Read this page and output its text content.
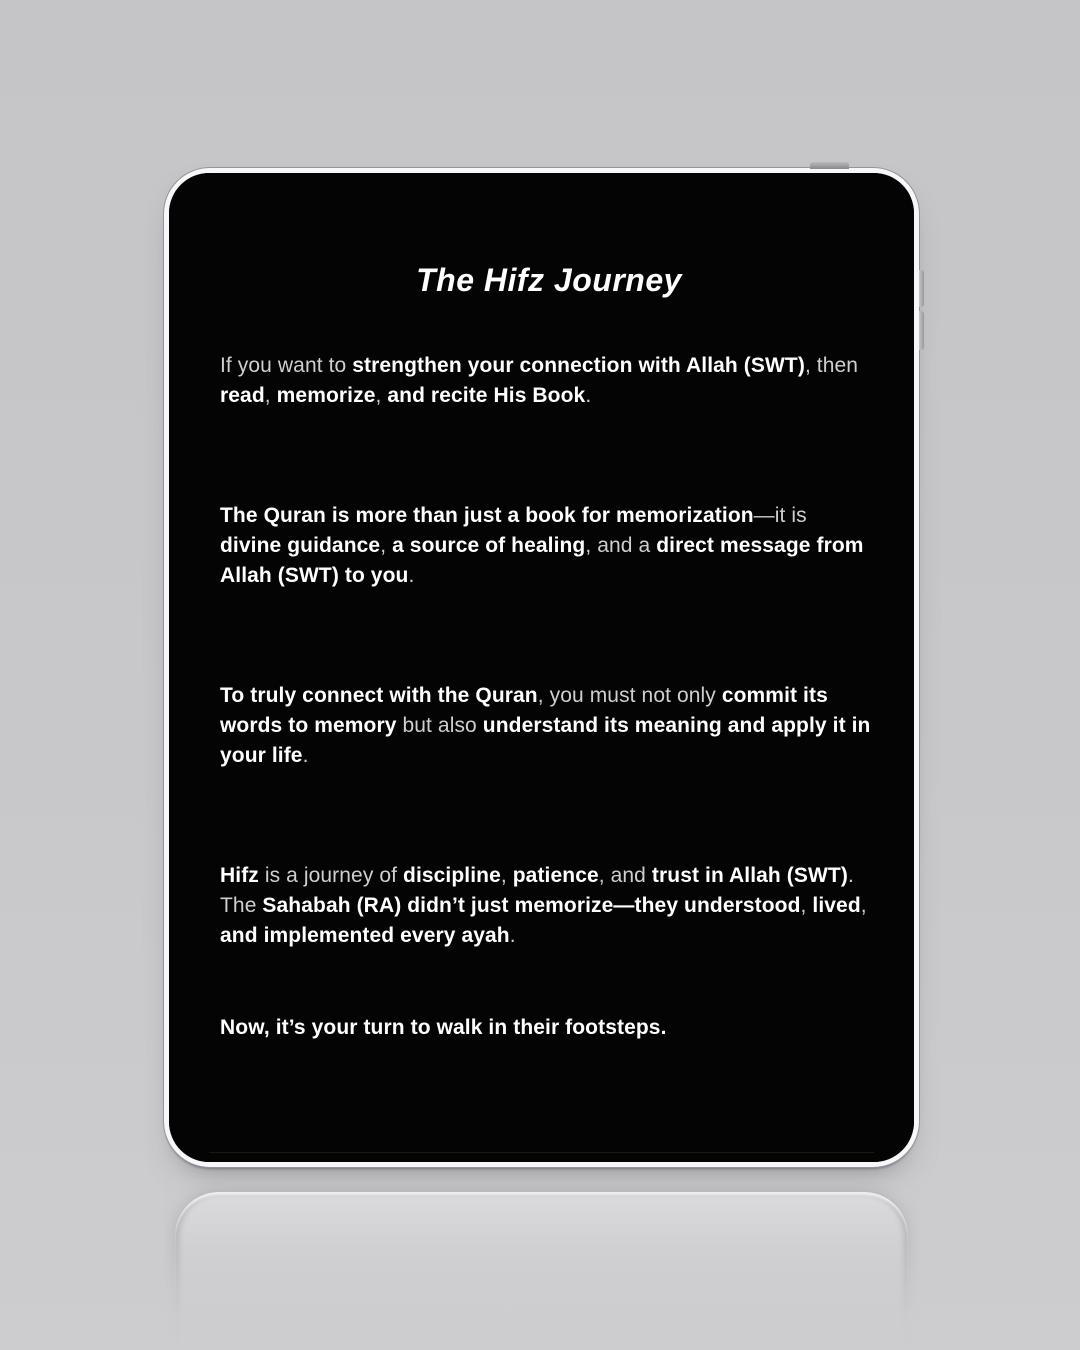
The Hifz Journey
If you want to strengthen your connection with Allah (SWT), then read, memorize, and recite His Book.
The Quran is more than just a book for memorization—it is divine guidance, a source of healing, and a direct message from Allah (SWT) to you.
To truly connect with the Quran, you must not only commit its words to memory but also understand its meaning and apply it in your life.
Hifz is a journey of discipline, patience, and trust in Allah (SWT). The Sahabah (RA) didn’t just memorize—they understood, lived, and implemented every ayah.
Now, it’s your turn to walk in their footsteps.
